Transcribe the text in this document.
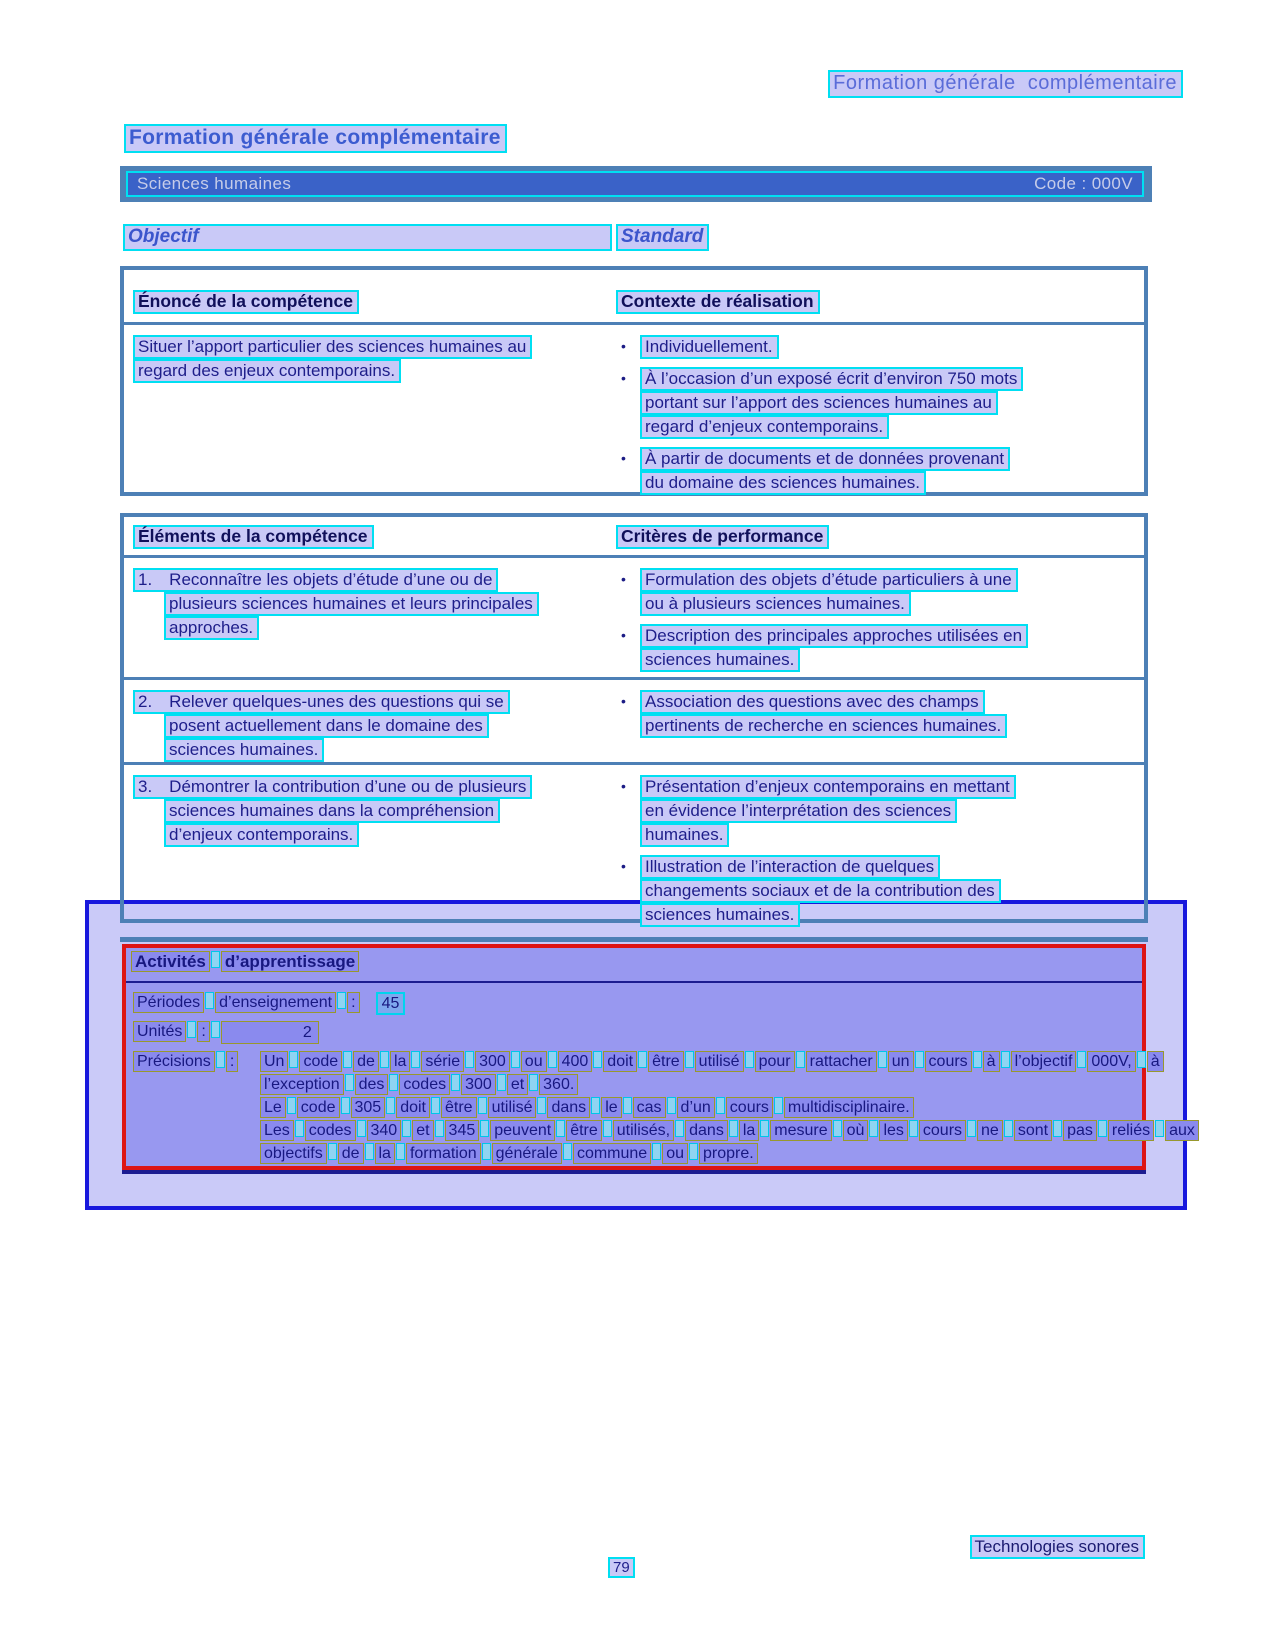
Formation générale  complémentaire
Formation générale complémentaire
Sciences humaines	Code : 000V
Objectif	Standard
Énoncé de la compétence	Contexte de réalisation
Situer l’apport particulier des sciences humaines au
regard des enjeux contemporains.
•	Individuellement.
•	À l’occasion d’un exposé écrit d’environ 750 mots
portant sur l’apport des sciences humaines au
regard d’enjeux contemporains.
•	À partir de documents et de données provenant
du domaine des sciences humaines.
Éléments de la compétence	Critères de performance
1.  Reconnaître les objets d’étude d’une ou de
plusieurs sciences humaines et leurs principales
approches.
•	Formulation des objets d’étude particuliers à une
ou à plusieurs sciences humaines.
•	Description des principales approches utilisées en
sciences humaines.
2.  Relever quelques-unes des questions qui se
posent actuellement dans le domaine des
sciences humaines.
•	Association des questions avec des champs
pertinents de recherche en sciences humaines.
3.  Démontrer la contribution d’une ou de plusieurs
sciences humaines dans la compréhension
d’enjeux contemporains.
•	Présentation d’enjeux contemporains en mettant
en évidence l’interprétation des sciences
humaines.
•	Illustration de l’interaction de quelques
changements sociaux et de la contribution des
sciences humaines.
Activités d’apprentissage
Périodes d’enseignement : 45
Unités :	2
Précisions :	Un code de la série 300 ou 400 doit être utilisé pour rattacher un cours à l’objectif 000V, à
l’exception des codes 300 et 360.
Le code 305 doit être utilisé dans le cas d’un cours multidisciplinaire.
Les codes 340 et 345 peuvent être utilisés, dans la mesure où les cours ne sont pas reliés aux
objectifs de la formation générale commune ou propre.
Technologies sonores
79
